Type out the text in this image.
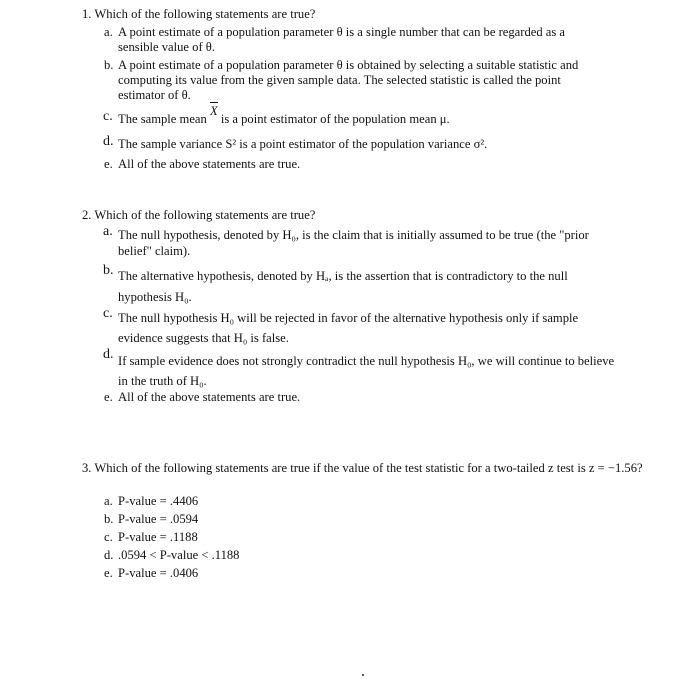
1. Which of the following statements are true?
a. A point estimate of a population parameter θ is a single number that can be regarded as a sensible value of θ.
b. A point estimate of a population parameter θ is obtained by selecting a suitable statistic and computing its value from the given sample data. The selected statistic is called the point estimator of θ.
c. The sample mean X is a point estimator of the population mean μ.
d. The sample variance S² is a point estimator of the population variance σ².
e. All of the above statements are true.
2. Which of the following statements are true?
a. The null hypothesis, denoted by H₀, is the claim that is initially assumed to be true (the "prior belief" claim).
b. The alternative hypothesis, denoted by Hₐ, is the assertion that is contradictory to the null hypothesis H₀.
c. The null hypothesis H₀ will be rejected in favor of the alternative hypothesis only if sample evidence suggests that H₀ is false.
d. If sample evidence does not strongly contradict the null hypothesis H₀, we will continue to believe in the truth of H₀.
e. All of the above statements are true.
3. Which of the following statements are true if the value of the test statistic for a two-tailed z test is z = −1.56?
a. P-value = .4406
b. P-value = .0594
c. P-value = .1188
d. .0594 < P-value < .1188
e. P-value = .0406
